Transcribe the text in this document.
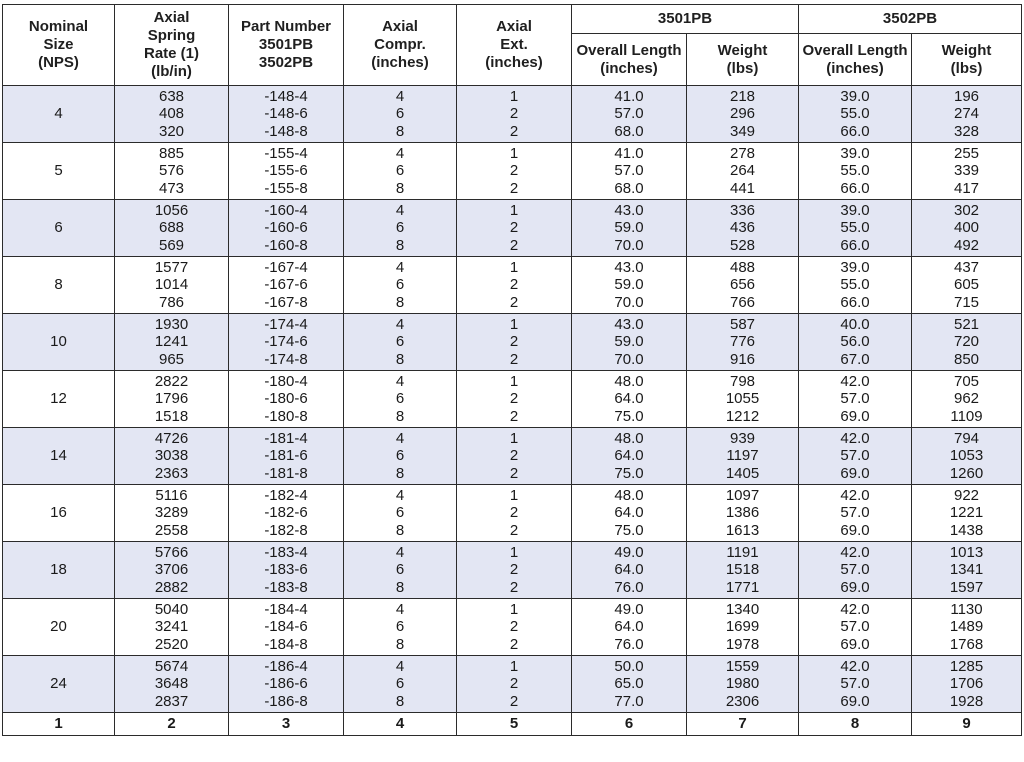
Nominal
Size
(NPS)	Axial
Spring
Rate (1)
(lb/in)	Part Number
3501PB
3502PB	Axial
Compr.
(inches)	Axial
Ext.
(inches)	3501PB		3502PB	

					Overall Length
(inches)	Weight
(lbs)	Overall Length
(inches)	Weight
(lbs)

4	638
408
320	-148-4
-148-6
-148-8	4
6
8	1
2
2	41.0
57.0
68.0	218
296
349	39.0
55.0
66.0	196
274
328

5	885
576
473	-155-4
-155-6
-155-8	4
6
8	1
2
2	41.0
57.0
68.0	278
264
441	39.0
55.0
66.0	255
339
417

6	1056
688
569	-160-4
-160-6
-160-8	4
6
8	1
2
2	43.0
59.0
70.0	336
436
528	39.0
55.0
66.0	302
400
492

8	1577
1014
786	-167-4
-167-6
-167-8	4
6
8	1
2
2	43.0
59.0
70.0	488
656
766	39.0
55.0
66.0	437
605
715

10	1930
1241
965	-174-4
-174-6
-174-8	4
6
8	1
2
2	43.0
59.0
70.0	587
776
916	40.0
56.0
67.0	521
720
850

12	2822
1796
1518	-180-4
-180-6
-180-8	4
6
8	1
2
2	48.0
64.0
75.0	798
1055
1212	42.0
57.0
69.0	705
962
1109

14	4726
3038
2363	-181-4
-181-6
-181-8	4
6
8	1
2
2	48.0
64.0
75.0	939
1197
1405	42.0
57.0
69.0	794
1053
1260

16	5116
3289
2558	-182-4
-182-6
-182-8	4
6
8	1
2
2	48.0
64.0
75.0	1097
1386
1613	42.0
57.0
69.0	922
1221
1438

18	5766
3706
2882	-183-4
-183-6
-183-8	4
6
8	1
2
2	49.0
64.0
76.0	1191
1518
1771	42.0
57.0
69.0	1013
1341
1597

20	5040
3241
2520	-184-4
-184-6
-184-8	4
6
8	1
2
2	49.0
64.0
76.0	1340
1699
1978	42.0
57.0
69.0	1130
1489
1768

24	5674
3648
2837	-186-4
-186-6
-186-8	4
6
8	1
2
2	50.0
65.0
77.0	1559
1980
2306	42.0
57.0
69.0	1285
1706
1928

1	2	3	4	5	6	7	8	9
